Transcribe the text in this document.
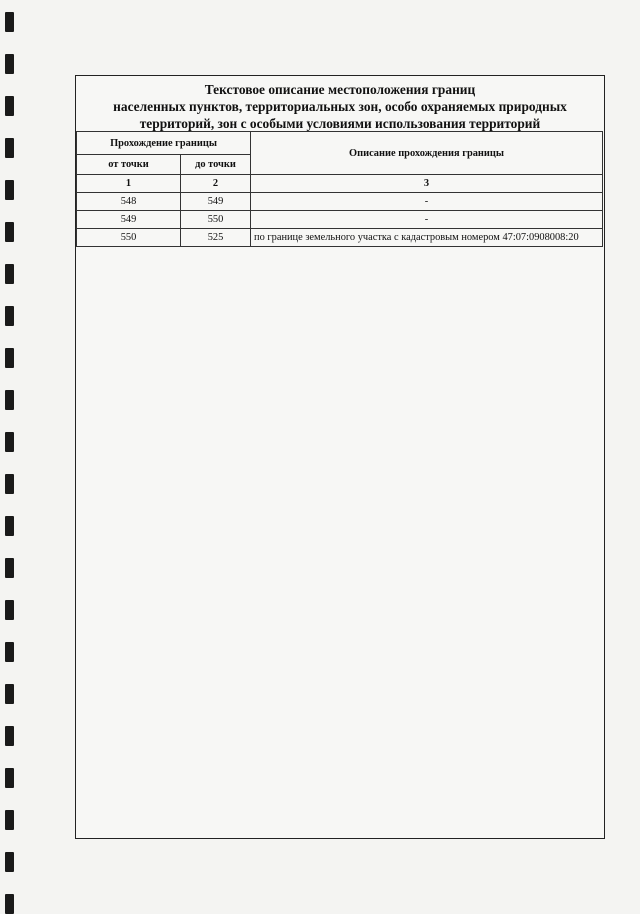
Текстовое описание местоположения границ
населенных пунктов, территориальных зон, особо охраняемых природных
территорий, зон с особыми условиями использования территорий
Прохождение границы		Описание прохождения границы
от точки	до точки	
1	2	3
548	549	-
549	550	-
550	525	по границе земельного участка с кадастровым номером 47:07:0908008:20
